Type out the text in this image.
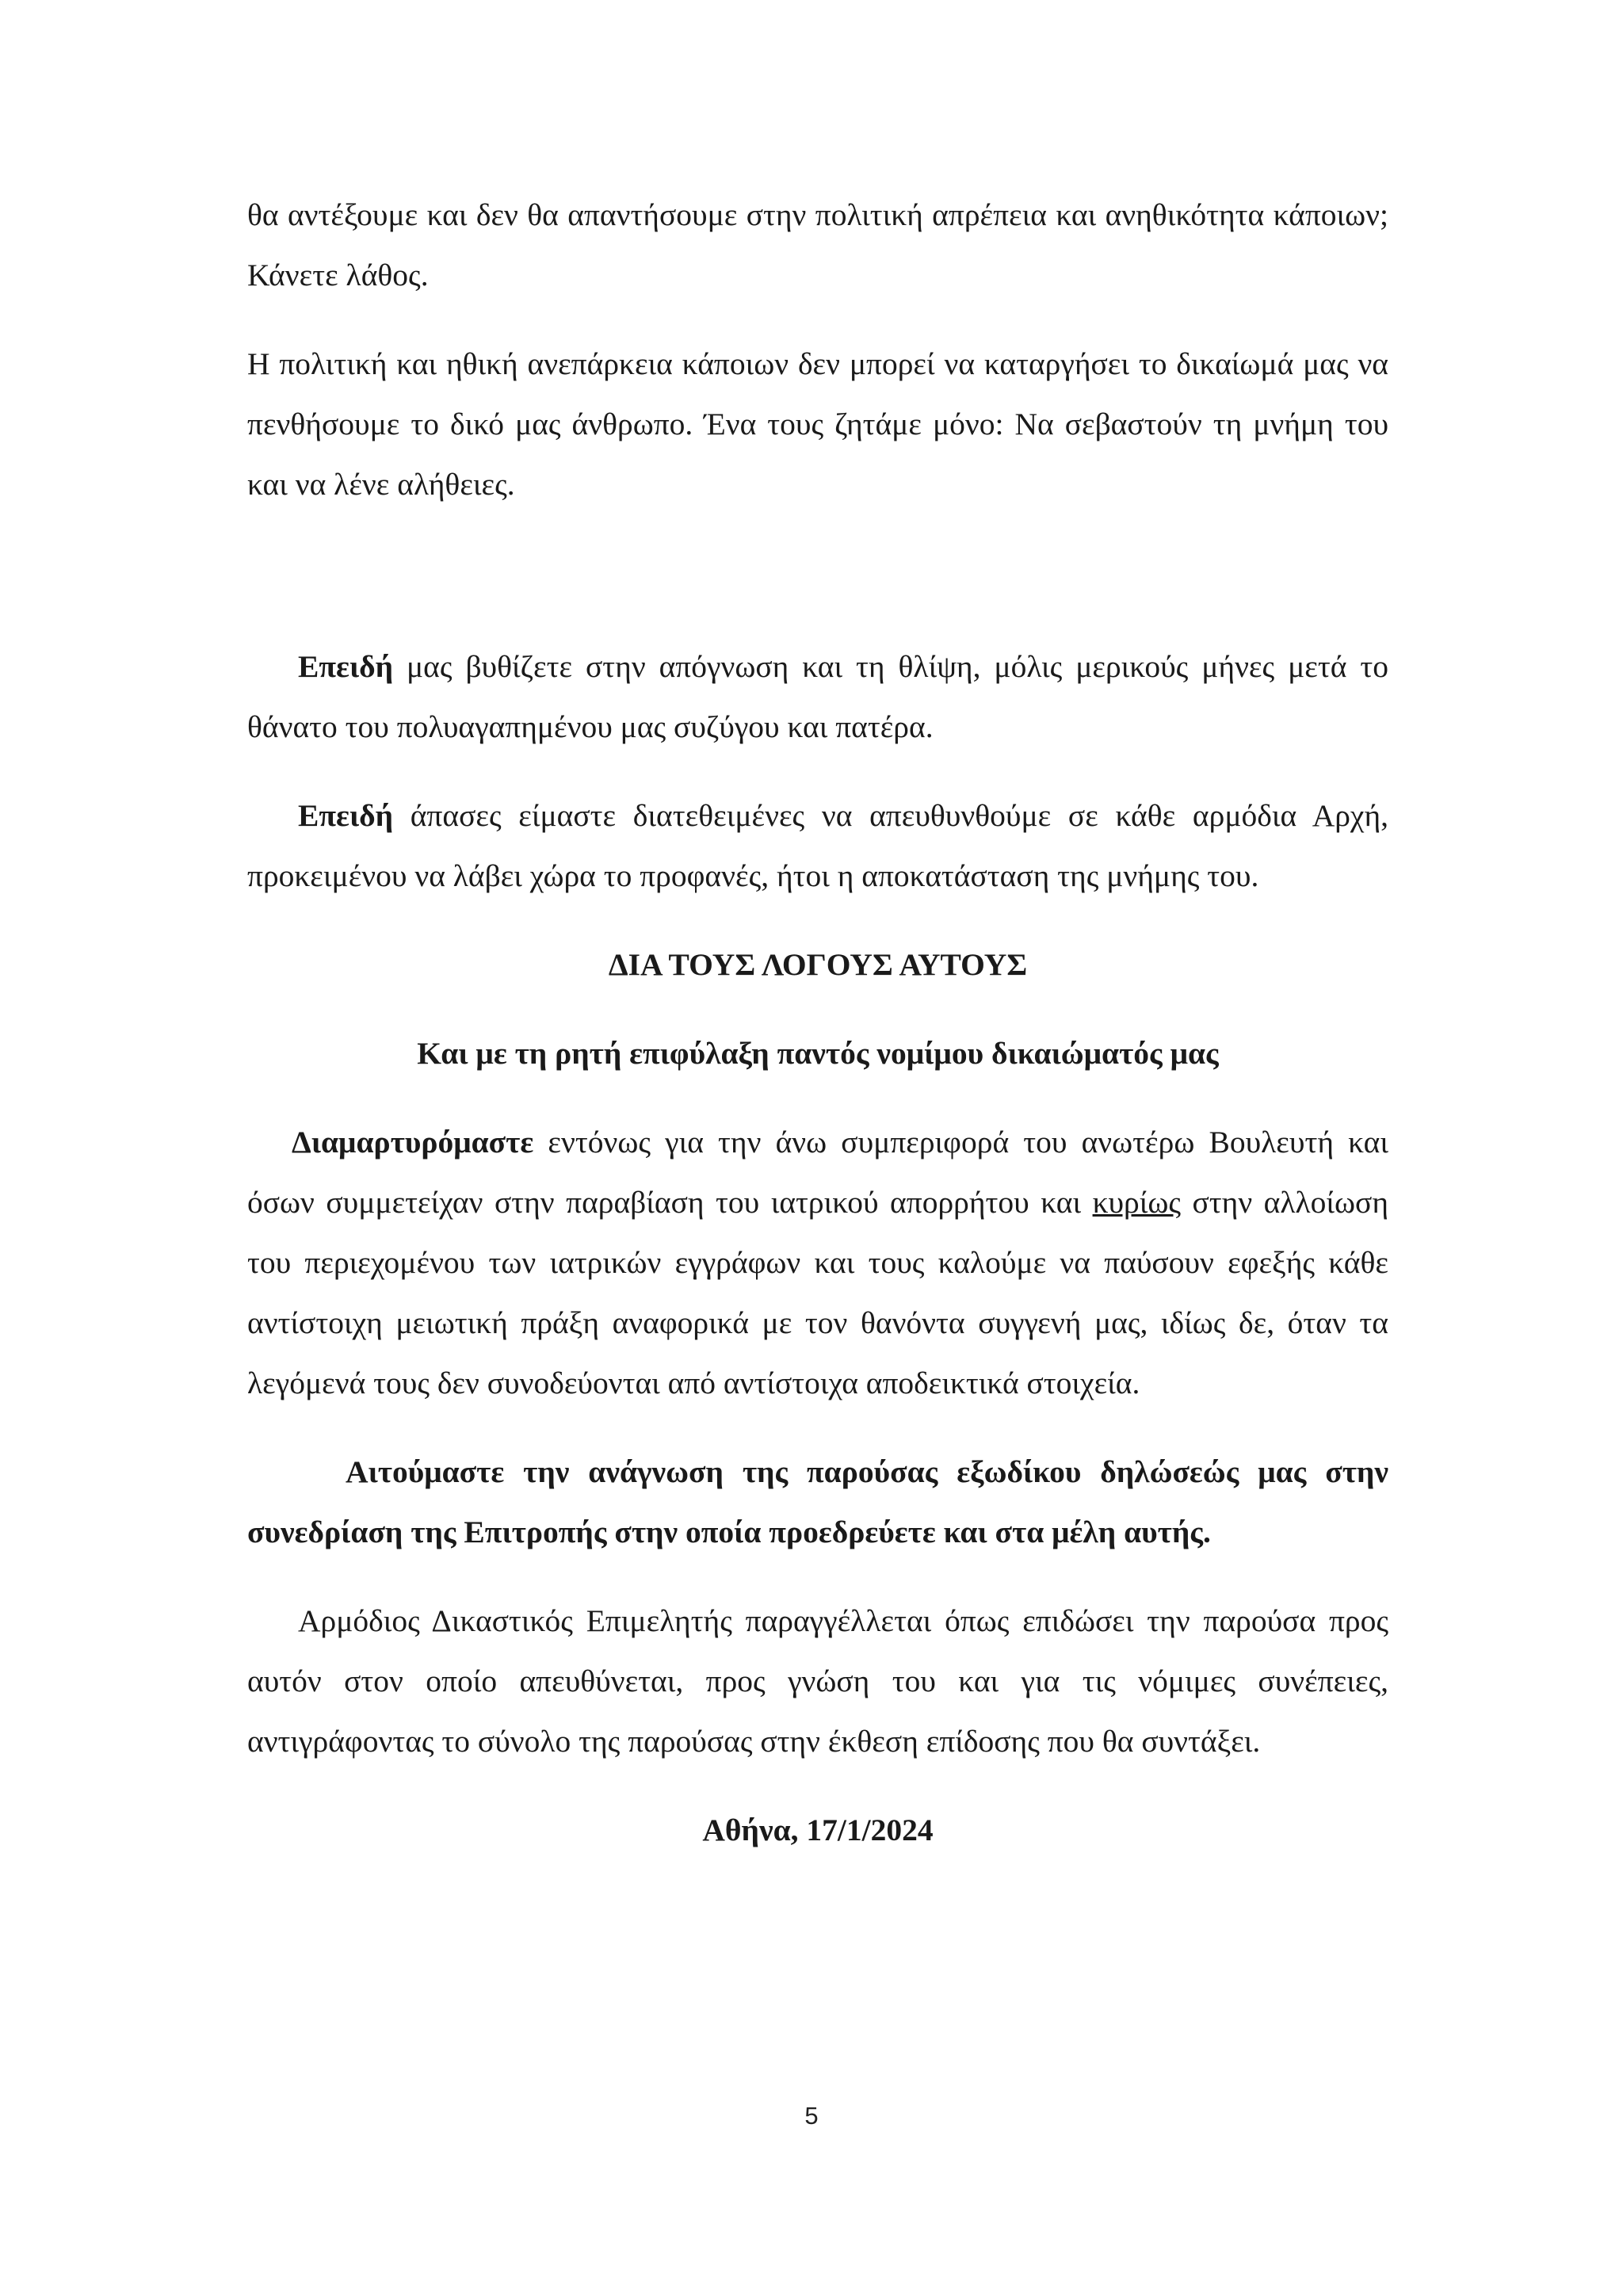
θα αντέξουμε και δεν θα απαντήσουμε στην πολιτική απρέπεια και ανηθικότητα κάποιων; Κάνετε λάθος.

Η πολιτική και ηθική ανεπάρκεια κάποιων δεν μπορεί να καταργήσει το δικαίωμά μας να πενθήσουμε το δικό μας άνθρωπο. Ένα τους ζητάμε μόνο: Να σεβαστούν τη μνήμη του και να λένε αλήθειες.

Επειδή μας βυθίζετε στην απόγνωση και τη θλίψη, μόλις μερικούς μήνες μετά το θάνατο του πολυαγαπημένου μας συζύγου και πατέρα.

Επειδή άπασες είμαστε διατεθειμένες να απευθυνθούμε σε κάθε αρμόδια Αρχή, προκειμένου να λάβει χώρα το προφανές, ήτοι η αποκατάσταση της μνήμης του.

ΔΙΑ ΤΟΥΣ ΛΟΓΟΥΣ ΑΥΤΟΥΣ

Και με τη ρητή επιφύλαξη παντός νομίμου δικαιώματός μας

Διαμαρτυρόμαστε εντόνως για την άνω συμπεριφορά του ανωτέρω Βουλευτή και όσων συμμετείχαν στην παραβίαση του ιατρικού απορρήτου και κυρίως στην αλλοίωση του περιεχομένου των ιατρικών εγγράφων και τους καλούμε να παύσουν εφεξής κάθε αντίστοιχη μειωτική πράξη αναφορικά με τον θανόντα συγγενή μας, ιδίως δε, όταν τα λεγόμενά τους δεν συνοδεύονται από αντίστοιχα αποδεικτικά στοιχεία.

Αιτούμαστε την ανάγνωση της παρούσας εξωδίκου δηλώσεώς μας στην συνεδρίαση της Επιτροπής στην οποία προεδρεύετε και στα μέλη αυτής.

Αρμόδιος Δικαστικός Επιμελητής παραγγέλλεται όπως επιδώσει την παρούσα προς αυτόν στον οποίο απευθύνεται, προς γνώση του και για τις νόμιμες συνέπειες, αντιγράφοντας το σύνολο της παρούσας στην έκθεση επίδοσης που θα συντάξει.

Αθήνα, 17/1/2024

5
